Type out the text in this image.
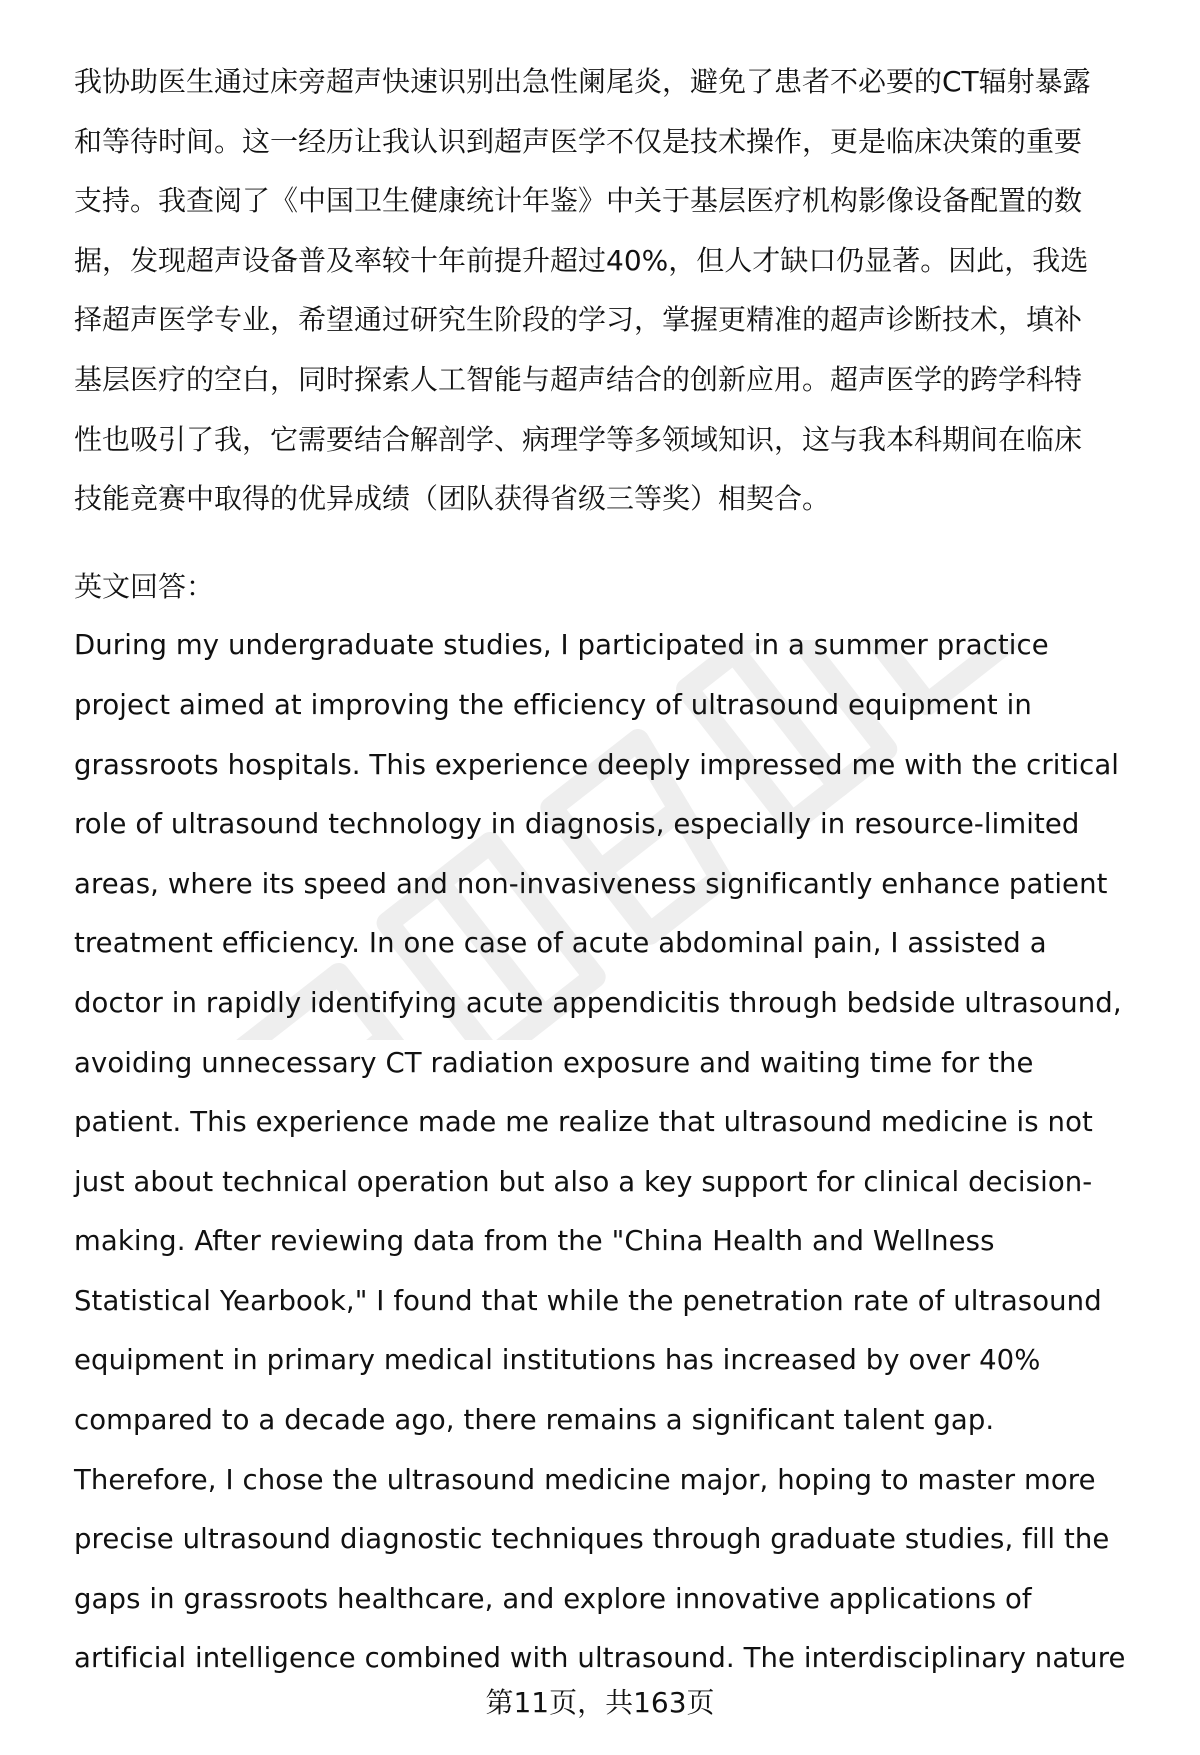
我协助医生通过床旁超声快速识别出急性阑尾炎，避免了患者不必要的CT辐射暴露
和等待时间。这一经历让我认识到超声医学不仅是技术操作，更是临床决策的重要
支持。我查阅了《中国卫生健康统计年鉴》中关于基层医疗机构影像设备配置的数
据，发现超声设备普及率较十年前提升超过40%，但人才缺口仍显著。因此，我选
择超声医学专业，希望通过研究生阶段的学习，掌握更精准的超声诊断技术，填补
基层医疗的空白，同时探索人工智能与超声结合的创新应用。超声医学的跨学科特
性也吸引了我，它需要结合解剖学、病理学等多领域知识，这与我本科期间在临床
技能竞赛中取得的优异成绩（团队获得省级三等奖）相契合。
英文回答：
During my undergraduate studies, I participated in a summer practice
project aimed at improving the efficiency of ultrasound equipment in
grassroots hospitals. This experience deeply impressed me with the critical
role of ultrasound technology in diagnosis, especially in resource-limited
areas, where its speed and non-invasiveness significantly enhance patient
treatment efficiency. In one case of acute abdominal pain, I assisted a
doctor in rapidly identifying acute appendicitis through bedside ultrasound,
avoiding unnecessary CT radiation exposure and waiting time for the
patient. This experience made me realize that ultrasound medicine is not
just about technical operation but also a key support for clinical decision-
making. After reviewing data from the "China Health and Wellness
Statistical Yearbook," I found that while the penetration rate of ultrasound
equipment in primary medical institutions has increased by over 40%
compared to a decade ago, there remains a significant talent gap.
Therefore, I chose the ultrasound medicine major, hoping to master more
precise ultrasound diagnostic techniques through graduate studies, fill the
gaps in grassroots healthcare, and explore innovative applications of
artificial intelligence combined with ultrasound. The interdisciplinary nature
第11页，共163页
